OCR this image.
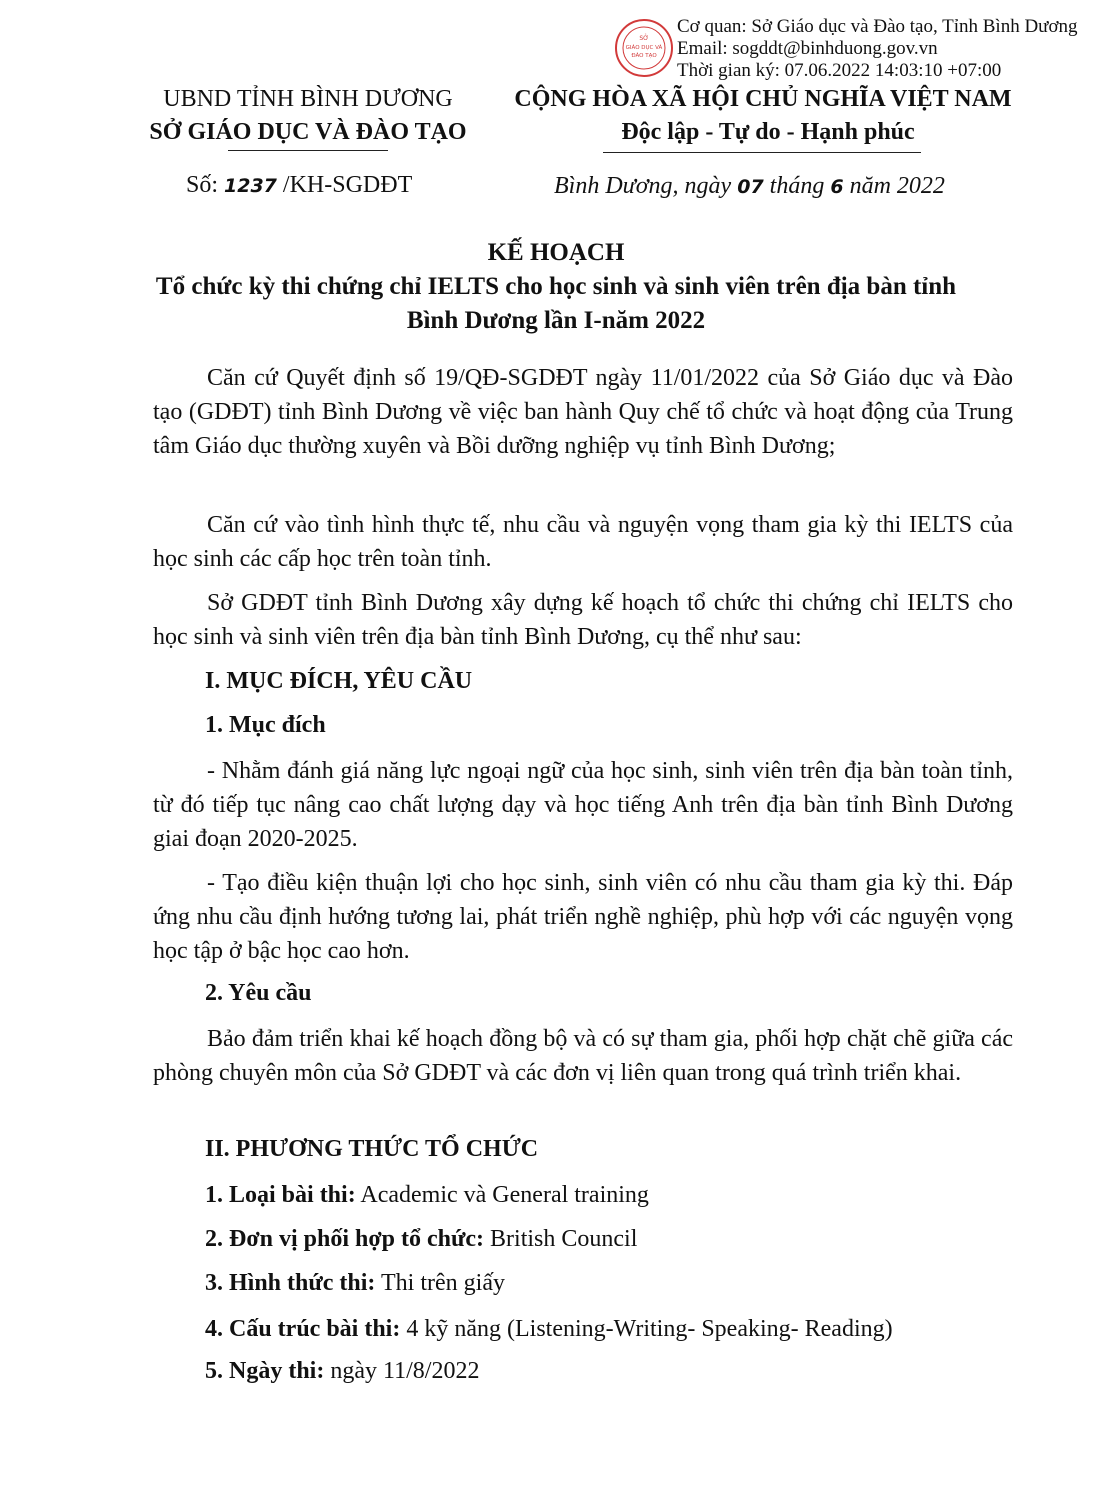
SỞ
GIÁO DỤC VÀ
ĐÀO TẠO
Cơ quan: Sở Giáo dục và Đào tạo, Tỉnh Bình Dương
Email: sogddt@binhduong.gov.vn
Thời gian ký: 07.06.2022 14:03:10 +07:00
UBND TỈNH BÌNH DƯƠNG
SỞ GIÁO DỤC VÀ ĐÀO TẠO
CỘNG HÒA XÃ HỘI CHỦ NGHĨA VIỆT NAM
Độc lập - Tự do - Hạnh phúc
Số: 1237 /KH-SGDĐT	Bình Dương, ngày 07 tháng 6 năm 2022
KẾ HOẠCH
Tổ chức kỳ thi chứng chỉ IELTS cho học sinh và sinh viên trên địa bàn tỉnh
Bình Dương lần I-năm 2022
Căn cứ Quyết định số 19/QĐ-SGDĐT ngày 11/01/2022 của Sở Giáo dục và Đào tạo (GDĐT) tỉnh Bình Dương về việc ban hành Quy chế tổ chức và hoạt động của Trung tâm Giáo dục thường xuyên và Bồi dưỡng nghiệp vụ tỉnh Bình Dương;
Căn cứ vào tình hình thực tế, nhu cầu và nguyện vọng tham gia kỳ thi IELTS của học sinh các cấp học trên toàn tỉnh.
Sở GDĐT tỉnh Bình Dương xây dựng kế hoạch tổ chức thi chứng chỉ IELTS cho học sinh và sinh viên trên địa bàn tỉnh Bình Dương, cụ thể như sau:
I. MỤC ĐÍCH, YÊU CẦU
1. Mục đích
- Nhằm đánh giá năng lực ngoại ngữ của học sinh, sinh viên trên địa bàn toàn tỉnh, từ đó tiếp tục nâng cao chất lượng dạy và học tiếng Anh trên địa bàn tỉnh Bình Dương giai đoạn 2020-2025.
- Tạo điều kiện thuận lợi cho học sinh, sinh viên có nhu cầu tham gia kỳ thi. Đáp ứng nhu cầu định hướng tương lai, phát triển nghề nghiệp, phù hợp với các nguyện vọng học tập ở bậc học cao hơn.
2. Yêu cầu
Bảo đảm triển khai kế hoạch đồng bộ và có sự tham gia, phối hợp chặt chẽ giữa các phòng chuyên môn của Sở GDĐT và các đơn vị liên quan trong quá trình triển khai.
II. PHƯƠNG THỨC TỔ CHỨC
1. Loại bài thi: Academic và General training
2. Đơn vị phối hợp tổ chức: British Council
3. Hình thức thi: Thi trên giấy
4. Cấu trúc bài thi: 4 kỹ năng (Listening-Writing- Speaking- Reading)
5. Ngày thi: ngày 11/8/2022
